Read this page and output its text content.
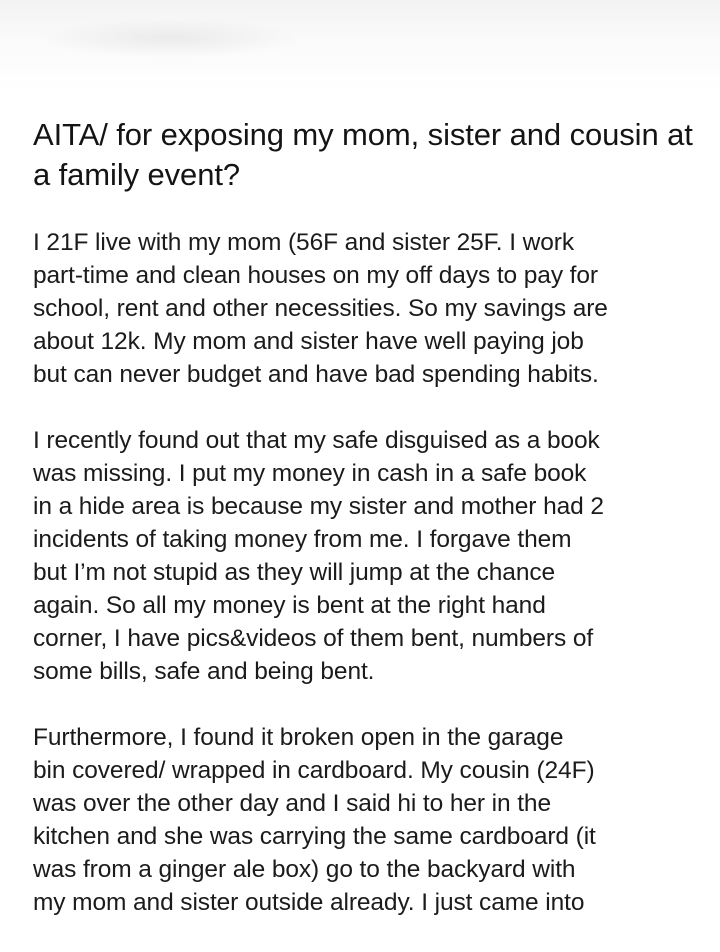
AITA/ for exposing my mom, sister and cousin at a family event?

I 21F live with my mom (56F and sister 25F. I work
part-time and clean houses on my off days to pay for
school, rent and other necessities. So my savings are
about 12k. My mom and sister have well paying job
but can never budget and have bad spending habits.

I recently found out that my safe disguised as a book
was missing. I put my money in cash in a safe book
in a hide area is because my sister and mother had 2
incidents of taking money from me. I forgave them
but I’m not stupid as they will jump at the chance
again. So all my money is bent at the right hand
corner, I have pics&videos of them bent, numbers of
some bills, safe and being bent.

Furthermore, I found it broken open in the garage
bin covered/ wrapped in cardboard. My cousin (24F)
was over the other day and I said hi to her in the
kitchen and she was carrying the same cardboard (it
was from a ginger ale box) go to the backyard with
my mom and sister outside already. I just came into
